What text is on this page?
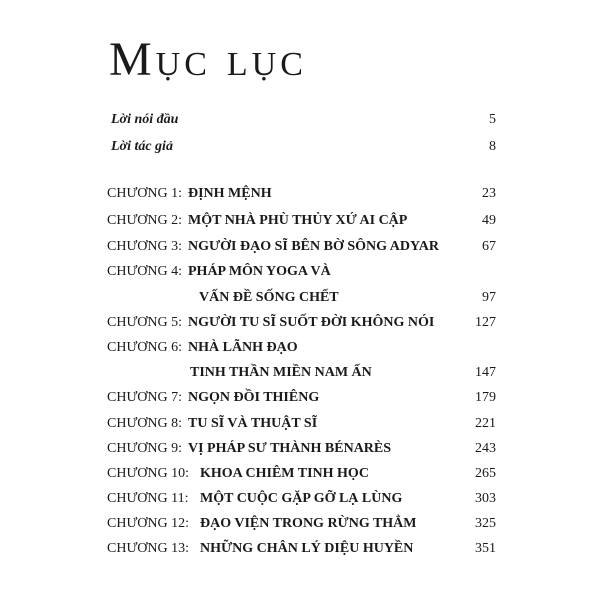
Mục lục
Lời nói đầu	5
Lời tác giả	8
CHƯƠNG 1: ĐỊNH MỆNH	23
CHƯƠNG 2: MỘT NHÀ PHÙ THỦY XỨ AI CẬP	49
CHƯƠNG 3: NGƯỜI ĐẠO SĨ BÊN BỜ SÔNG ADYAR	67
CHƯƠNG 4: PHÁP MÔN YOGA VÀ
VẤN ĐỀ SỐNG CHẾT	97
CHƯƠNG 5: NGƯỜI TU SĨ SUỐT ĐỜI KHÔNG NÓI	127
CHƯƠNG 6: NHÀ LÃNH ĐẠO
TINH THẦN MIỀN NAM ẤN	147
CHƯƠNG 7: NGỌN ĐỒI THIÊNG	179
CHƯƠNG 8: TU SĨ VÀ THUẬT SĨ	221
CHƯƠNG 9: VỊ PHÁP SƯ THÀNH BÉNARÈS	243
CHƯƠNG 10: KHOA CHIÊM TINH HỌC	265
CHƯƠNG 11: MỘT CUỘC GẶP GỠ LẠ LÙNG	303
CHƯƠNG 12: ĐẠO VIỆN TRONG RỪNG THẲM	325
CHƯƠNG 13: NHỮNG CHÂN LÝ DIỆU HUYỀN	351
